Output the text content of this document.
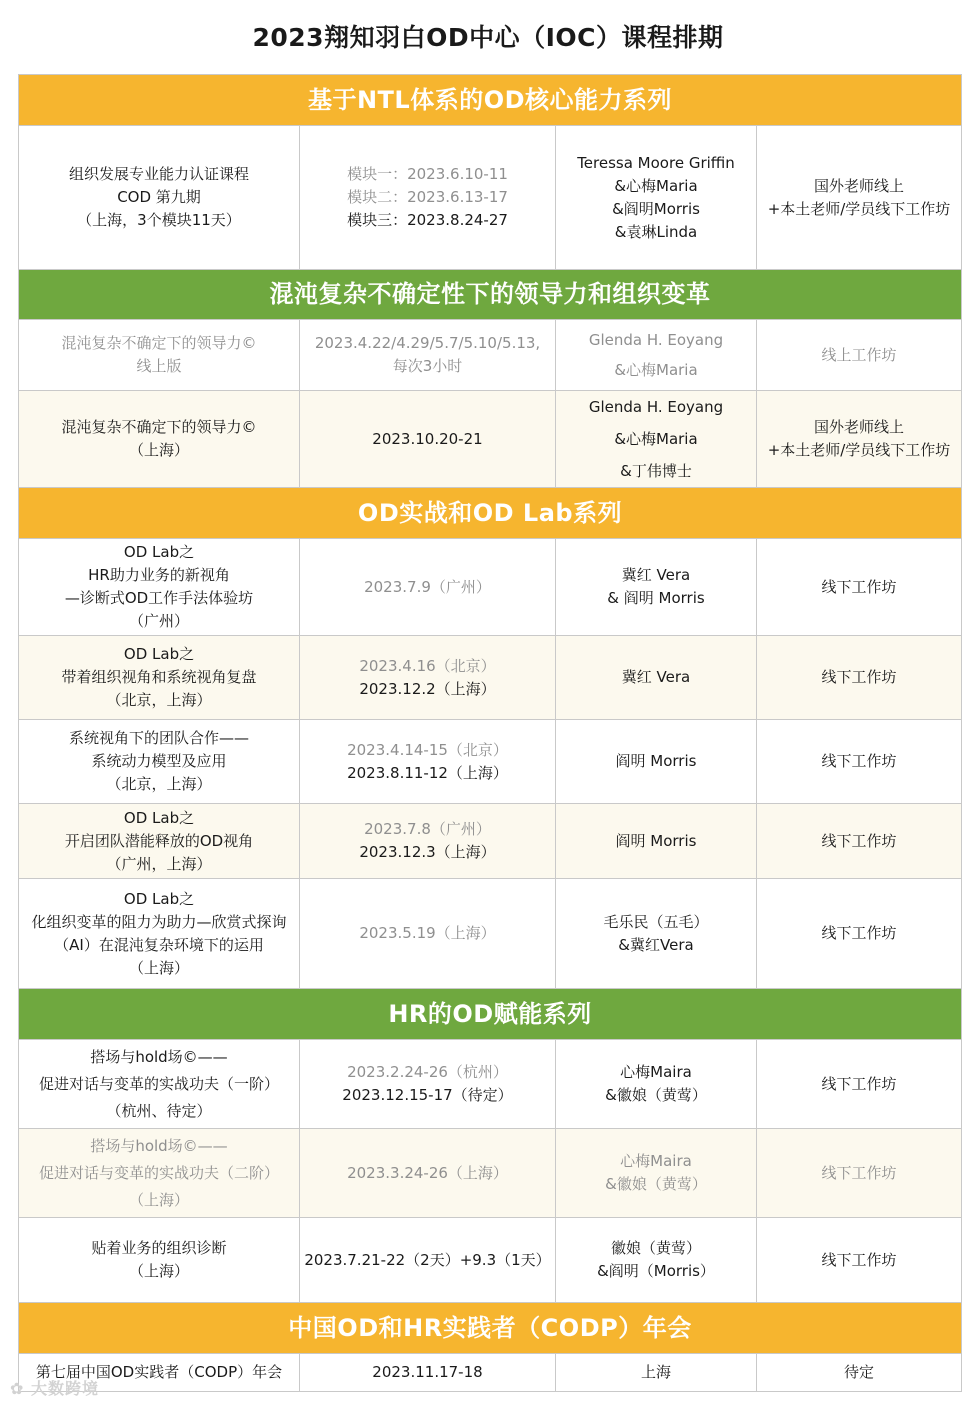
2023翔知羽白OD中心（IOC）课程排期
基于NTL体系的OD核心能力系列			

组织发展专业能力认证课程
COD 第九期
（上海，3个模块11天）	模块一：2023.6.10-11
模块二：2023.6.13-17
模块三：2023.8.24-27	Teressa Moore Griffin
&心梅Maria
&阎明Morris
&袁琳Linda	国外老师线上
+本土老师/学员线下工作坊

混沌复杂不确定性下的领导力和组织变革			

混沌复杂不确定下的领导力©
线上版	2023.4.22/4.29/5.7/5.10/5.13,
每次3小时	Glenda H. Eoyang
&心梅Maria	线上工作坊

混沌复杂不确定下的领导力©
（上海）	2023.10.20-21	Glenda H. Eoyang
&心梅Maria
&丁伟博士	国外老师线上
+本土老师/学员线下工作坊

OD实战和OD Lab系列			

OD Lab之
HR助力业务的新视角
—诊断式OD工作手法体验坊
（广州）	2023.7.9（广州）	冀红 Vera
& 阎明 Morris	线下工作坊

OD Lab之
带着组织视角和系统视角复盘
（北京，上海）	2023.4.16（北京）
2023.12.2（上海）	冀红 Vera	线下工作坊

系统视角下的团队合作——
系统动力模型及应用
（北京，上海）	2023.4.14-15（北京）
2023.8.11-12（上海）	阎明 Morris	线下工作坊

OD Lab之
开启团队潜能释放的OD视角
（广州，上海）	2023.7.8（广州）
2023.12.3（上海）	阎明 Morris	线下工作坊

OD Lab之
化组织变革的阻力为助力—欣赏式探询
（AI）在混沌复杂环境下的运用
（上海）	2023.5.19（上海）	毛乐民（五毛）
&冀红Vera	线下工作坊
HR的OD赋能系列			

搭场与hold场©——
促进对话与变革的实战功夫（一阶）
（杭州、待定）	2023.2.24-26（杭州）
2023.12.15-17（待定）	心梅Maira
&徽娘（黄莺）	线下工作坊

搭场与hold场©——
促进对话与变革的实战功夫（二阶）
（上海）	2023.3.24-26（上海）	心梅Maira
&徽娘（黄莺）	线下工作坊

贴着业务的组织诊断
（上海）	2023.7.21-22（2天）+9.3（1天）	徽娘（黄莺）
&阎明（Morris）	线下工作坊
中国OD和HR实践者（CODP）年会			
第七届中国OD实践者（CODP）年会	2023.11.17-18	上海	待定
✿ 大数跨境
